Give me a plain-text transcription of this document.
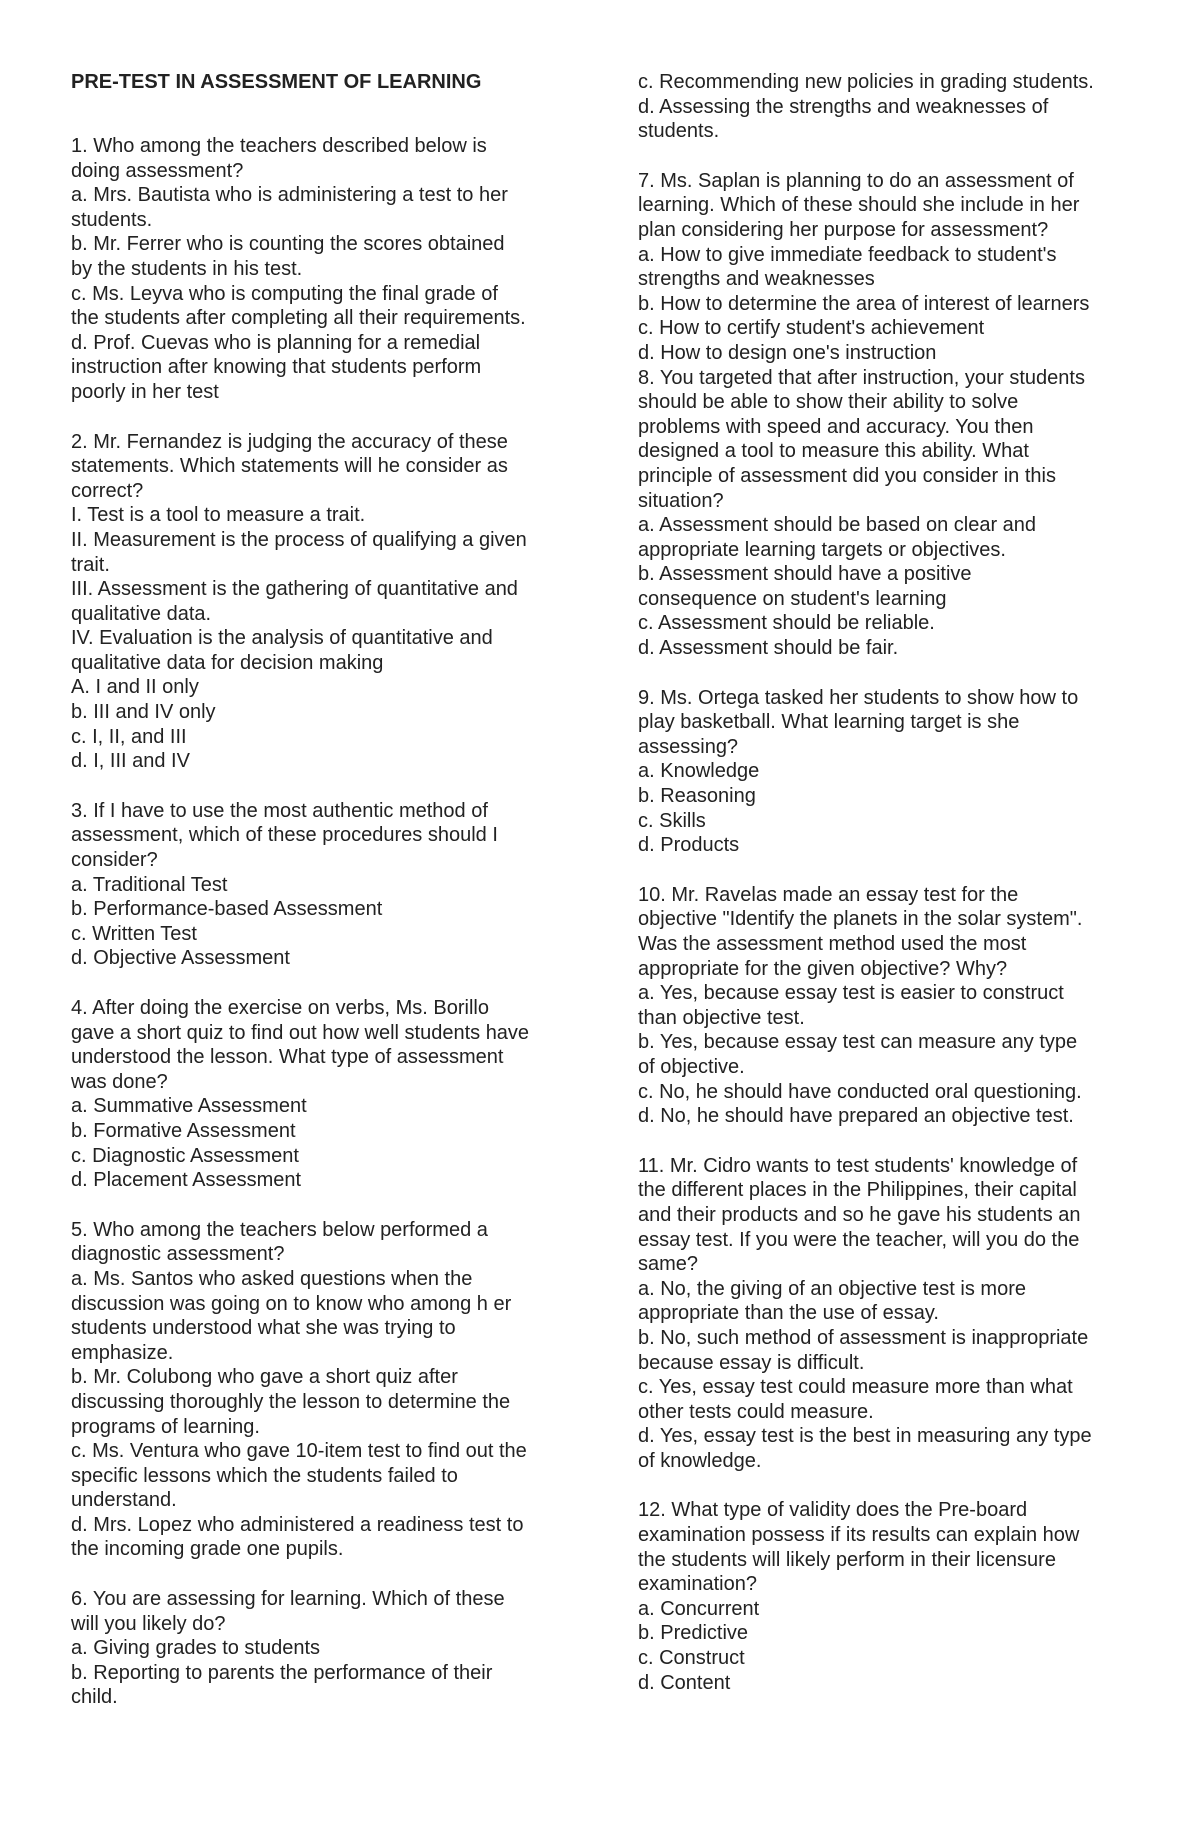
PRE-TEST IN ASSESSMENT OF LEARNING
1. Who among the teachers described below is
doing assessment?
a. Mrs. Bautista who is administering a test to her
students.
b. Mr. Ferrer who is counting the scores obtained
by the students in his test.
c. Ms. Leyva who is computing the final grade of
the students after completing all their requirements.
d. Prof. Cuevas who is planning for a remedial
instruction after knowing that students perform
poorly in her test
2. Mr. Fernandez is judging the accuracy of these
statements. Which statements will he consider as
correct?
I. Test is a tool to measure a trait.
II. Measurement is the process of qualifying a given
trait.
III. Assessment is the gathering of quantitative and
qualitative data.
IV. Evaluation is the analysis of quantitative and
qualitative data for decision making
A. I and II only
b. III and IV only
c. I, II, and III
d. I, III and IV
3. If I have to use the most authentic method of
assessment, which of these procedures should I
consider?
a. Traditional Test
b. Performance-based Assessment
c. Written Test
d. Objective Assessment
4. After doing the exercise on verbs, Ms. Borillo
gave a short quiz to find out how well students have
understood the lesson. What type of assessment
was done?
a. Summative Assessment
b. Formative Assessment
c. Diagnostic Assessment
d. Placement Assessment
5. Who among the teachers below performed a
diagnostic assessment?
a. Ms. Santos who asked questions when the
discussion was going on to know who among h er
students understood what she was trying to
emphasize.
b. Mr. Colubong who gave a short quiz after
discussing thoroughly the lesson to determine the
programs of learning.
c. Ms. Ventura who gave 10-item test to find out the
specific lessons which the students failed to
understand.
d. Mrs. Lopez who administered a readiness test to
the incoming grade one pupils.
6. You are assessing for learning. Which of these
will you likely do?
a. Giving grades to students
b. Reporting to parents the performance of their
child.
c. Recommending new policies in grading students.
d. Assessing the strengths and weaknesses of
students.
7. Ms. Saplan is planning to do an assessment of
learning. Which of these should she include in her
plan considering her purpose for assessment?
a. How to give immediate feedback to student's
strengths and weaknesses
b. How to determine the area of interest of learners
c. How to certify student's achievement
d. How to design one's instruction
8. You targeted that after instruction, your students
should be able to show their ability to solve
problems with speed and accuracy. You then
designed a tool to measure this ability. What
principle of assessment did you consider in this
situation?
a. Assessment should be based on clear and
appropriate learning targets or objectives.
b. Assessment should have a positive
consequence on student's learning
c. Assessment should be reliable.
d. Assessment should be fair.
9. Ms. Ortega tasked her students to show how to
play basketball. What learning target is she
assessing?
a. Knowledge
b. Reasoning
c. Skills
d. Products
10. Mr. Ravelas made an essay test for the
objective "Identify the planets in the solar system".
Was the assessment method used the most
appropriate for the given objective? Why?
a. Yes, because essay test is easier to construct
than objective test.
b. Yes, because essay test can measure any type
of objective.
c. No, he should have conducted oral questioning.
d. No, he should have prepared an objective test.
11. Mr. Cidro wants to test students' knowledge of
the different places in the Philippines, their capital
and their products and so he gave his students an
essay test. If you were the teacher, will you do the
same?
a. No, the giving of an objective test is more
appropriate than the use of essay.
b. No, such method of assessment is inappropriate
because essay is difficult.
c. Yes, essay test could measure more than what
other tests could measure.
d. Yes, essay test is the best in measuring any type
of knowledge.
12. What type of validity does the Pre-board
examination possess if its results can explain how
the students will likely perform in their licensure
examination?
a. Concurrent
b. Predictive
c. Construct
d. Content
